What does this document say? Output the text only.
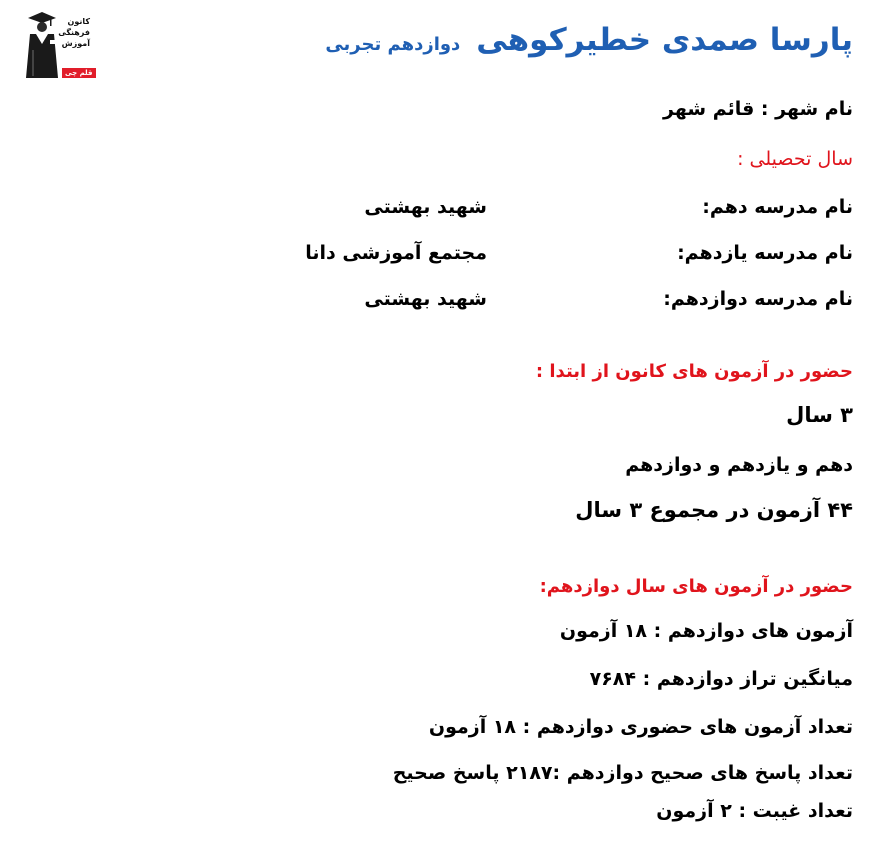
کانون
فرهنگی
آموزش
قلم چی
پارسا صمدی خطیرکوهی
دوازدهم تجربی
نام شهر : قائم شهر
سال تحصیلی :
نام مدرسه دهم:
شهید بهشتی
نام مدرسه یازدهم:
مجتمع آموزشی دانا
نام مدرسه دوازدهم:
شهید بهشتی
حضور در آزمون های کانون از ابتدا :
۳ سال
دهم و یازدهم و دوازدهم
۴۴ آزمون در مجموع ۳ سال
حضور در آزمون های سال دوازدهم:
آزمون های دوازدهم : ۱۸ آزمون
میانگین تراز دوازدهم : ۷۶۸۴
تعداد آزمون های حضوری دوازدهم : ۱۸ آزمون
تعداد پاسخ های صحیح دوازدهم :۲۱۸۷ پاسخ صحیح
تعداد غیبت : ۲ آزمون
